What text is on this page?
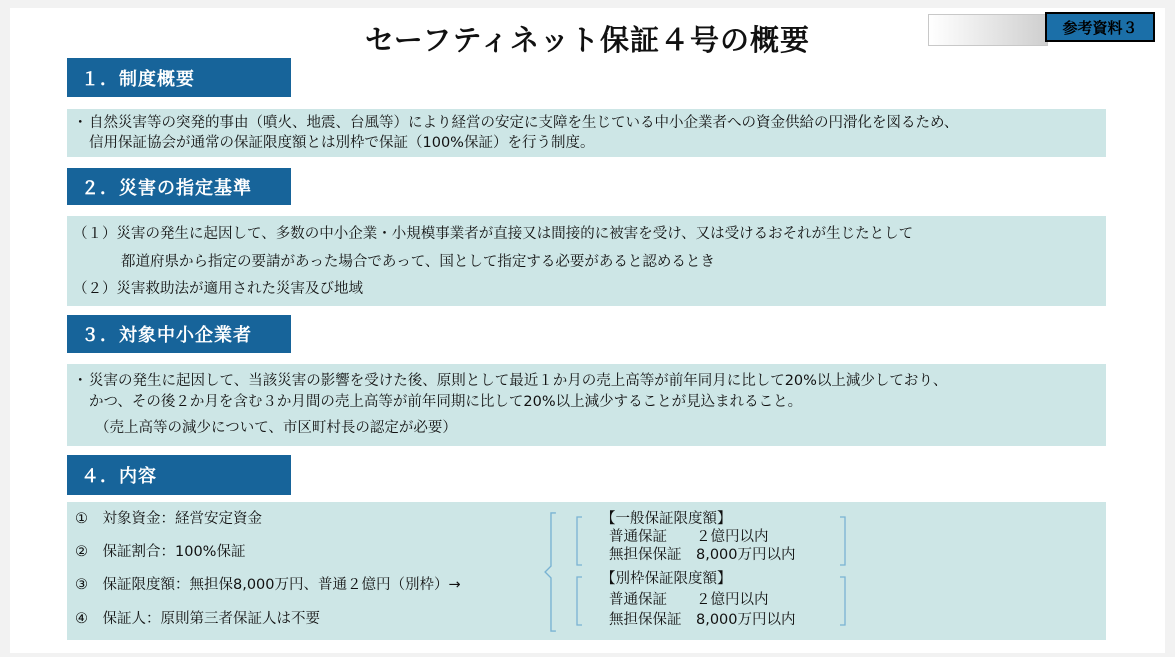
セーフティネット保証４号の概要	参考資料３
１．制度概要
・ 自然災害等の突発的事由（噴火、地震、台風等）により経営の安定に支障を生じている中小企業者への資金供給の円滑化を図るため、
信用保証協会が通常の保証限度額とは別枠で保証（100%保証）を行う制度。
２．災害の指定基準
（１）災害の発生に起因して、多数の中小企業・小規模事業者が直接又は間接的に被害を受け、又は受けるおそれが生じたとして
都道府県から指定の要請があった場合であって、国として指定する必要があると認めるとき
（２）災害救助法が適用された災害及び地域
３．対象中小企業者
・ 災害の発生に起因して、当該災害の影響を受けた後、原則として最近１か月の売上高等が前年同月に比して20%以上減少しており、
かつ、その後２か月を含む３か月間の売上高等が前年同期に比して20%以上減少することが見込まれること。
（売上高等の減少について、市区町村長の認定が必要）
４．内容
①　対象資金：経営安定資金
②　保証割合：100%保証
③　保証限度額：無担保8,000万円、普通２億円（別枠）→
④　保証人：原則第三者保証人は不要
【一般保証限度額】
普通保証　　２億円以内
無担保保証　8,000万円以内
【別枠保証限度額】
普通保証　　２億円以内
無担保保証　8,000万円以内
